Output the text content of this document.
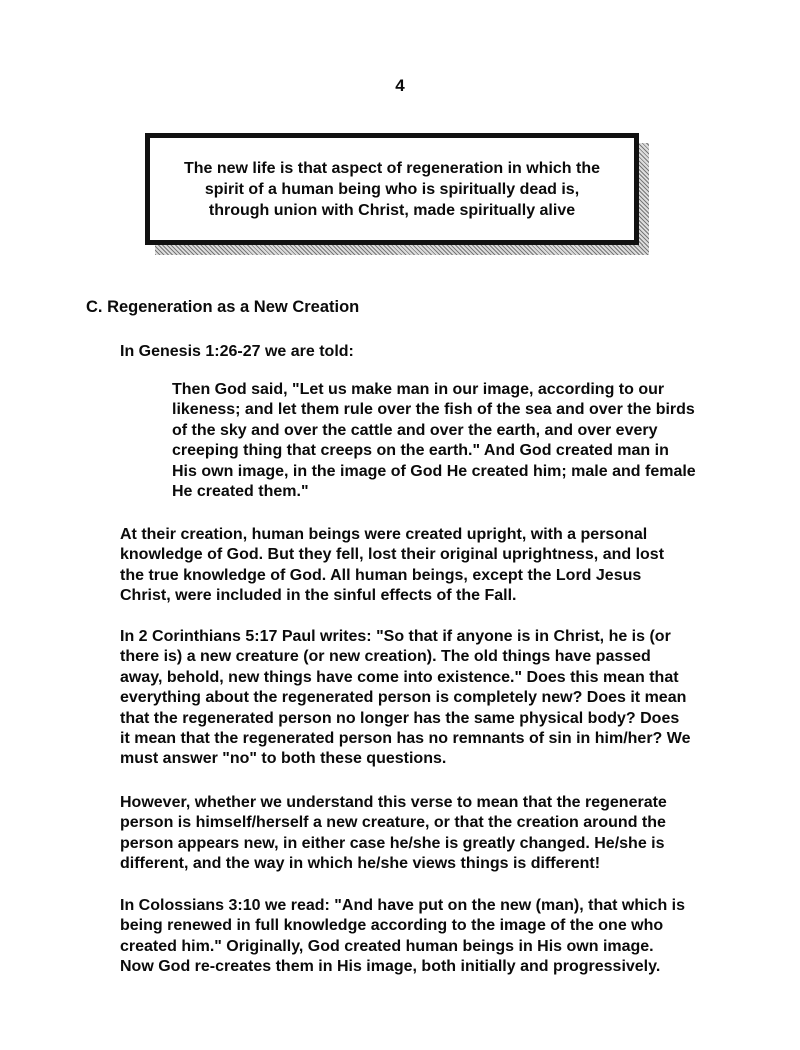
4
The new life is that aspect of regeneration in which the
spirit of a human being who is spiritually dead is,
through union with Christ, made spiritually alive
C. Regeneration as a New Creation
In Genesis 1:26-27 we are told:
Then God said, "Let us make man in our image, according to our
likeness; and let them rule over the fish of the sea and over the birds
of the sky and over the cattle and over the earth, and over every
creeping thing that creeps on the earth." And God created man in
His own image, in the image of God He created him; male and female
He created them."
At their creation, human beings were created upright, with a personal
knowledge of God. But they fell, lost their original uprightness, and lost
the true knowledge of God. All human beings, except the Lord Jesus
Christ, were included in the sinful effects of the Fall.
In 2 Corinthians 5:17 Paul writes: "So that if anyone is in Christ, he is (or
there is) a new creature (or new creation). The old things have passed
away, behold, new things have come into existence." Does this mean that
everything about the regenerated person is completely new? Does it mean
that the regenerated person no longer has the same physical body? Does
it mean that the regenerated person has no remnants of sin in him/her? We
must answer "no" to both these questions.
However, whether we understand this verse to mean that the regenerate
person is himself/herself a new creature, or that the creation around the
person appears new, in either case he/she is greatly changed. He/she is
different, and the way in which he/she views things is different!
In Colossians 3:10 we read: "And have put on the new (man), that which is
being renewed in full knowledge according to the image of the one who
created him." Originally, God created human beings in His own image.
Now God re-creates them in His image, both initially and progressively.
